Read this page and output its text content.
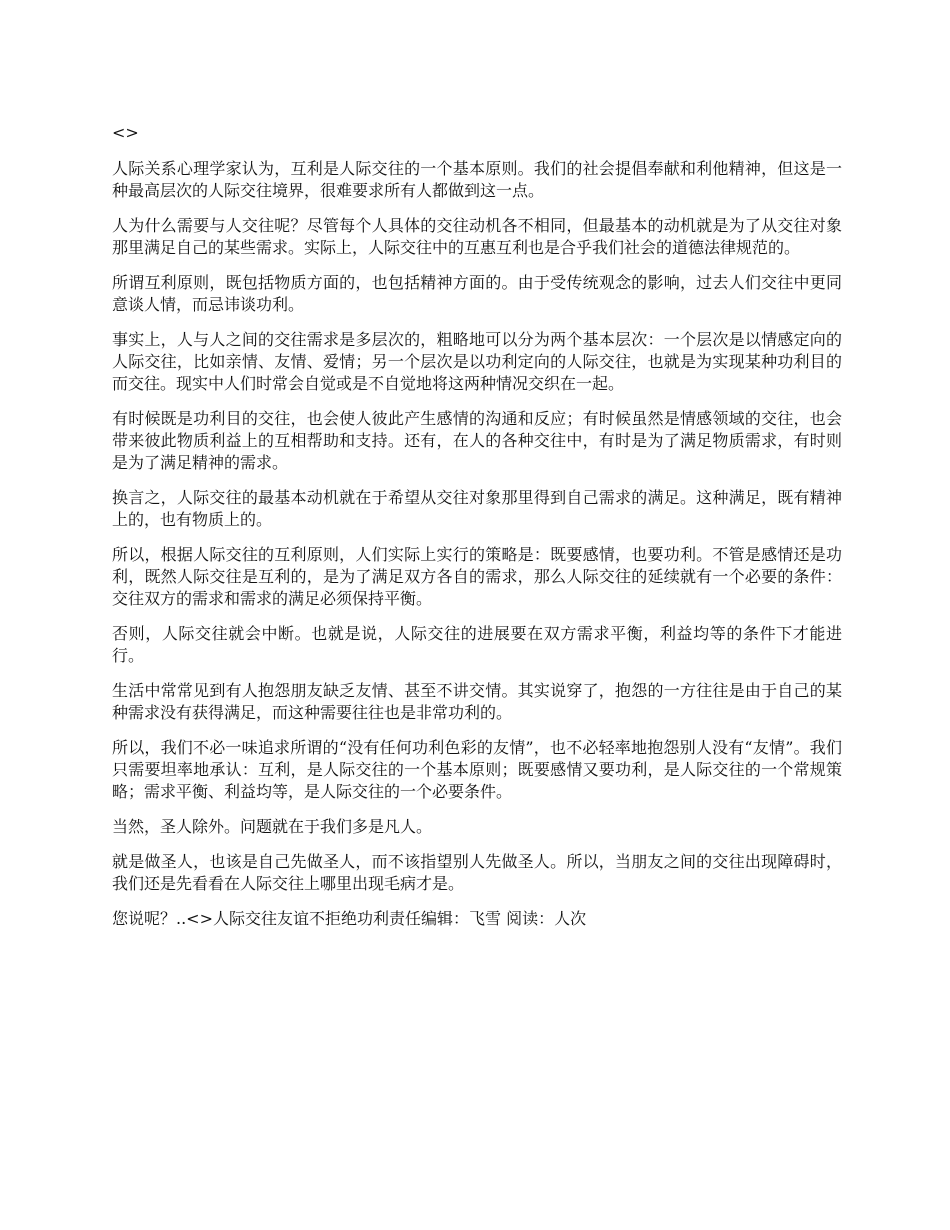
<>

人际关系心理学家认为，互利是人际交往的一个基本原则。我们的社会提倡奉献和利他精神，但这是一种最高层次的人际交往境界，很难要求所有人都做到这一点。

人为什么需要与人交往呢？尽管每个人具体的交往动机各不相同，但最基本的动机就是为了从交往对象那里满足自己的某些需求。实际上，人际交往中的互惠互利也是合乎我们社会的道德法律规范的。

所谓互利原则，既包括物质方面的，也包括精神方面的。由于受传统观念的影响，过去人们交往中更同意谈人情，而忌讳谈功利。

事实上，人与人之间的交往需求是多层次的，粗略地可以分为两个基本层次：一个层次是以情感定向的人际交往，比如亲情、友情、爱情；另一个层次是以功利定向的人际交往，也就是为实现某种功利目的而交往。现实中人们时常会自觉或是不自觉地将这两种情况交织在一起。

有时候既是功利目的交往，也会使人彼此产生感情的沟通和反应；有时候虽然是情感领域的交往，也会带来彼此物质利益上的互相帮助和支持。还有，在人的各种交往中，有时是为了满足物质需求，有时则是为了满足精神的需求。

换言之，人际交往的最基本动机就在于希望从交往对象那里得到自己需求的满足。这种满足，既有精神上的，也有物质上的。

所以，根据人际交往的互利原则，人们实际上实行的策略是：既要感情，也要功利。不管是感情还是功利，既然人际交往是互利的，是为了满足双方各自的需求，那么人际交往的延续就有一个必要的条件：交往双方的需求和需求的满足必须保持平衡。

否则，人际交往就会中断。也就是说，人际交往的进展要在双方需求平衡，利益均等的条件下才能进行。

生活中常常见到有人抱怨朋友缺乏友情、甚至不讲交情。其实说穿了，抱怨的一方往往是由于自己的某种需求没有获得满足，而这种需要往往也是非常功利的。

所以，我们不必一味追求所谓的“没有任何功利色彩的友情”，也不必轻率地抱怨别人没有“友情”。我们只需要坦率地承认：互利，是人际交往的一个基本原则；既要感情又要功利，是人际交往的一个常规策略；需求平衡、利益均等，是人际交往的一个必要条件。

当然，圣人除外。问题就在于我们多是凡人。

就是做圣人，也该是自己先做圣人，而不该指望别人先做圣人。所以，当朋友之间的交往出现障碍时，我们还是先看看在人际交往上哪里出现毛病才是。

您说呢？..<>人际交往友谊不拒绝功利责任编辑：飞雪 阅读：人次
